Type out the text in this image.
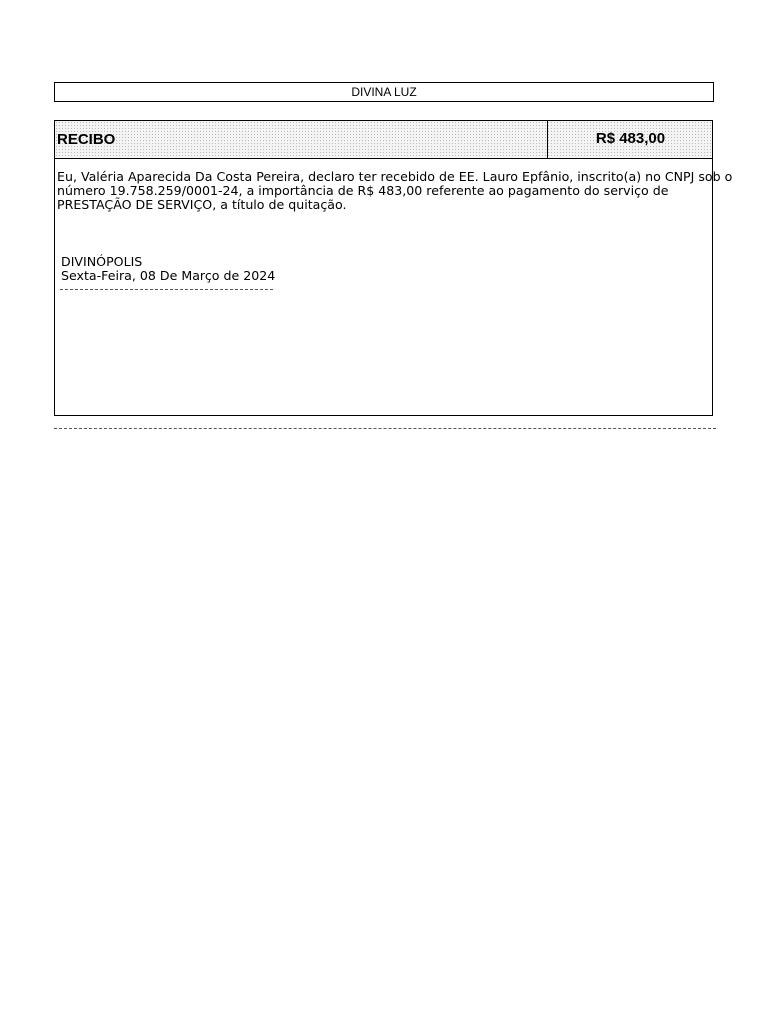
DIVINA LUZ
RECIBO	R$ 483,00
Eu, Valéria Aparecida Da Costa Pereira, declaro ter recebido de EE. Lauro Epfânio, inscrito(a) no CNPJ sob o
número 19.758.259/0001-24, a importância de R$ 483,00 referente ao pagamento do serviço de
PRESTAÇÃO DE SERVIÇO, a título de quitação.
DIVINÓPOLIS
Sexta-Feira, 08 De Março de 2024
